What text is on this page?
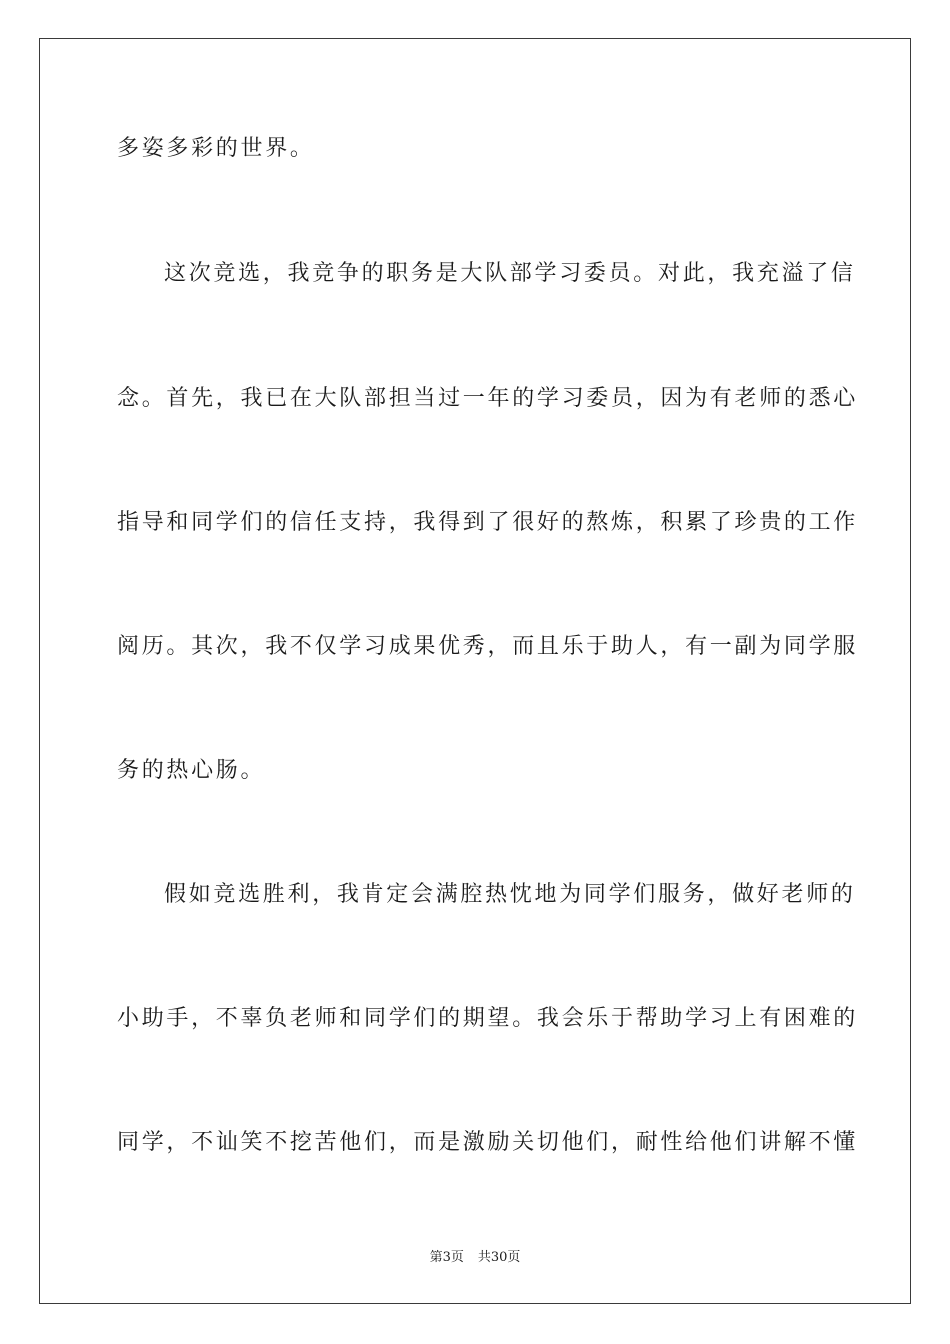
多姿多彩的世界。
这次竞选，我竞争的职务是大队部学习委员。对此，我充溢了信
念。首先，我已在大队部担当过一年的学习委员，因为有老师的悉心
指导和同学们的信任支持，我得到了很好的熬炼，积累了珍贵的工作
阅历。其次，我不仅学习成果优秀，而且乐于助人，有一副为同学服
务的热心肠。
假如竞选胜利，我肯定会满腔热忱地为同学们服务，做好老师的
小助手，不辜负老师和同学们的期望。我会乐于帮助学习上有困难的
同学，不讪笑不挖苦他们，而是激励关切他们，耐性给他们讲解不懂
第3页 共30页
